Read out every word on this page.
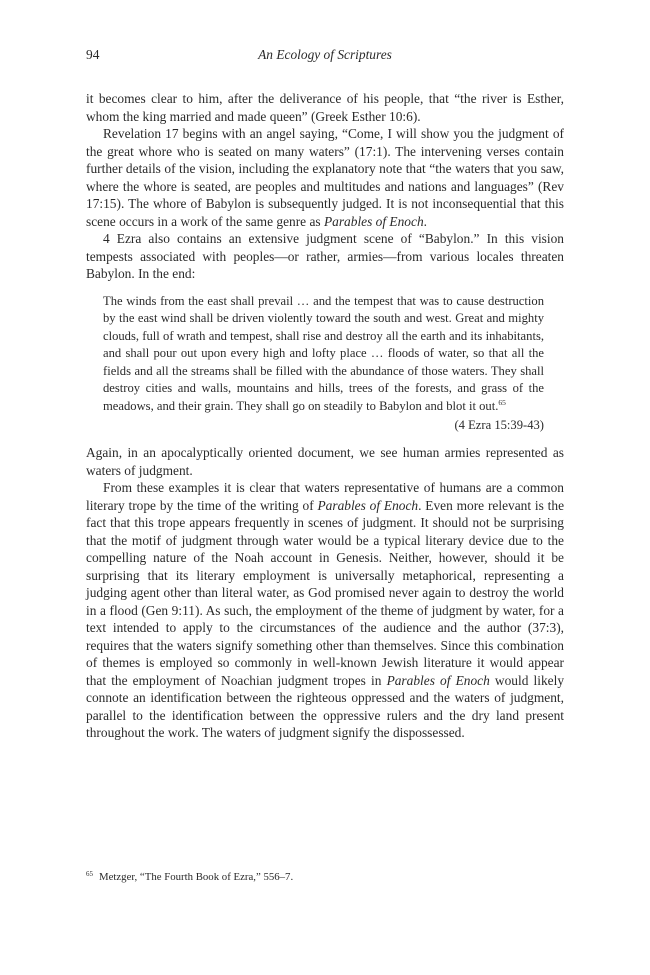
94	An Ecology of Scriptures

it becomes clear to him, after the deliverance of his people, that “the river is Esther, whom the king married and made queen” (Greek Esther 10:6).

Revelation 17 begins with an angel saying, “Come, I will show you the judgment of the great whore who is seated on many waters” (17:1). The intervening verses contain further details of the vision, including the explanatory note that “the waters that you saw, where the whore is seated, are peoples and multitudes and nations and languages” (Rev 17:15). The whore of Babylon is subsequently judged. It is not inconsequential that this scene occurs in a work of the same genre as Parables of Enoch.

4 Ezra also contains an extensive judgment scene of “Babylon.” In this vision tempests associated with peoples—or rather, armies—from various locales threaten Babylon. In the end:

The winds from the east shall prevail … and the tempest that was to cause destruction by the east wind shall be driven violently toward the south and west. Great and mighty clouds, full of wrath and tempest, shall rise and destroy all the earth and its inhabitants, and shall pour out upon every high and lofty place … floods of water, so that all the fields and all the streams shall be filled with the abundance of those waters. They shall destroy cities and walls, mountains and hills, trees of the forests, and grass of the meadows, and their grain. They shall go on steadily to Babylon and blot it out.$^{65}$

(4 Ezra 15:39-43)

Again, in an apocalyptically oriented document, we see human armies represented as waters of judgment.

From these examples it is clear that waters representative of humans are a common literary trope by the time of the writing of Parables of Enoch. Even more relevant is the fact that this trope appears frequently in scenes of judgment. It should not be surprising that the motif of judgment through water would be a typical literary device due to the compelling nature of the Noah account in Genesis. Neither, however, should it be surprising that its literary employment is universally metaphorical, representing a judging agent other than literal water, as God promised never again to destroy the world in a flood (Gen 9:11). As such, the employment of the theme of judgment by water, for a text intended to apply to the circumstances of the audience and the author (37:3), requires that the waters signify something other than themselves. Since this combination of themes is employed so commonly in well-known Jewish literature it would appear that the employment of Noachian judgment tropes in Parables of Enoch would likely connote an identification between the righteous oppressed and the waters of judgment, parallel to the identification between the oppressive rulers and the dry land present throughout the work. The waters of judgment signify the dispossessed.

$^{65}$ Metzger, “The Fourth Book of Ezra,” 556–7.
